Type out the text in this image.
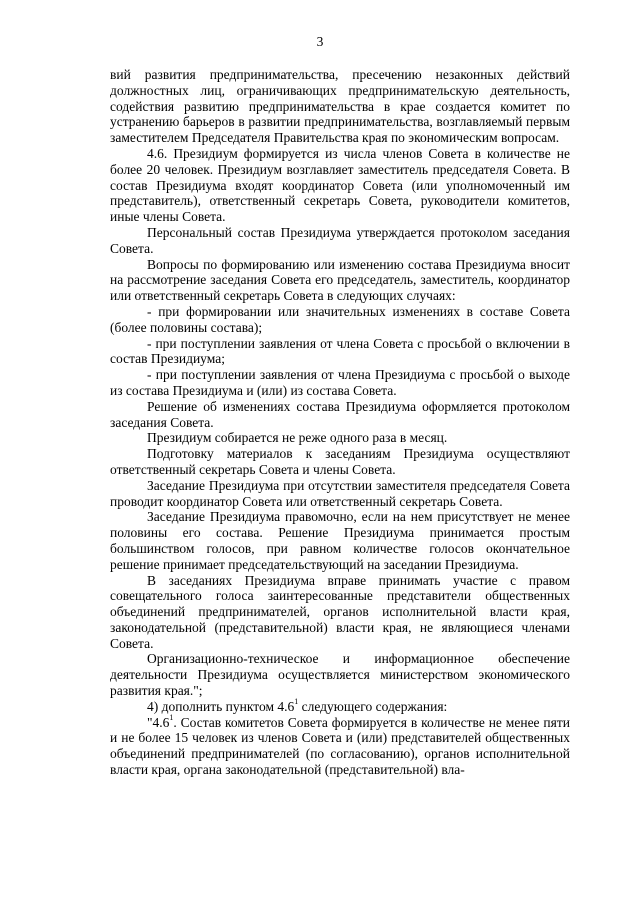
3

вий развития предпринимательства, пресечению незаконных действий должностных лиц, ограничивающих предпринимательскую деятельность, содействия развитию предпринимательства в крае создается комитет по устранению барьеров в развитии предпринимательства, возглавляемый первым заместителем Председателя Правительства края по экономическим вопросам.

4.6. Президиум формируется из числа членов Совета в количестве не более 20 человек. Президиум возглавляет заместитель председателя Совета. В состав Президиума входят координатор Совета (или уполномоченный им представитель), ответственный секретарь Совета, руководители комитетов, иные члены Совета.

Персональный состав Президиума утверждается протоколом заседания Совета.

Вопросы по формированию или изменению состава Президиума вносит на рассмотрение заседания Совета его председатель, заместитель, координатор или ответственный секретарь Совета в следующих случаях:

- при формировании или значительных изменениях в составе Совета (более половины состава);

- при поступлении заявления от члена Совета с просьбой о включении в состав Президиума;

- при поступлении заявления от члена Президиума с просьбой о выходе из состава Президиума и (или) из состава Совета.

Решение об изменениях состава Президиума оформляется протоколом заседания Совета.

Президиум собирается не реже одного раза в месяц.

Подготовку материалов к заседаниям Президиума осуществляют ответственный секретарь Совета и члены Совета.

Заседание Президиума при отсутствии заместителя председателя Совета проводит координатор Совета или ответственный секретарь Совета.

Заседание Президиума правомочно, если на нем присутствует не менее половины его состава. Решение Президиума принимается простым большинством голосов, при равном количестве голосов окончательное решение принимает председательствующий на заседании Президиума.

В заседаниях Президиума вправе принимать участие с правом совещательного голоса заинтересованные представители общественных объединений предпринимателей, органов исполнительной власти края, законодательной (представительной) власти края, не являющиеся членами Совета.

Организационно-техническое и информационное обеспечение деятельности Президиума осуществляется министерством экономического развития края.";

4) дополнить пунктом $4.6^1$ следующего содержания:

"$4.6^1$. Состав комитетов Совета формируется в количестве не менее пяти и не более 15 человек из членов Совета и (или) представителей общественных объединений предпринимателей (по согласованию), органов исполнительной власти края, органа законодательной (представительной) вла-
